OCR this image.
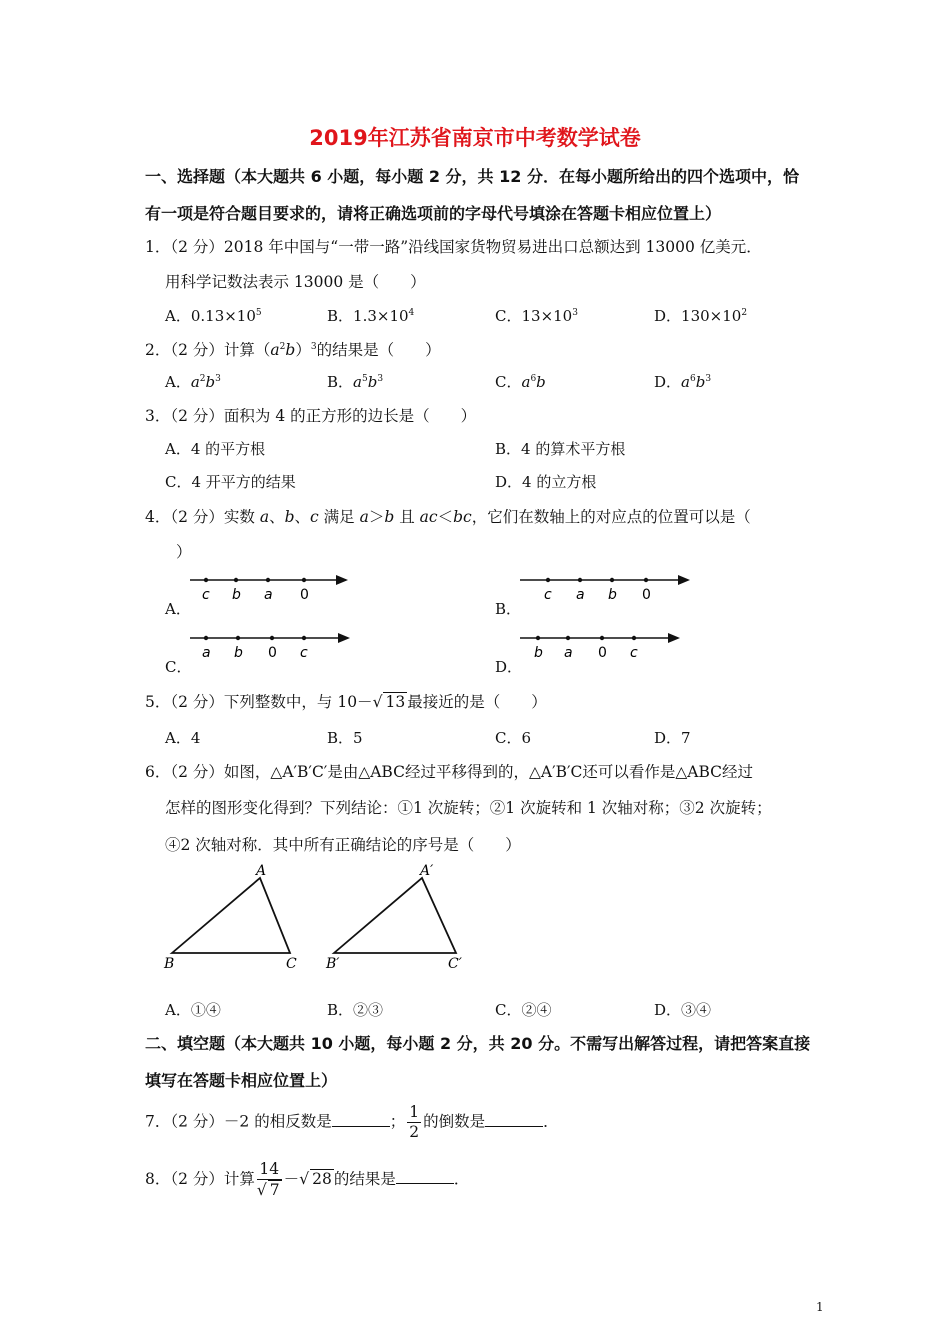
2019年江苏省南京市中考数学试卷
一、选择题（本大题共 6 小题，每小题 2 分，共 12 分．在每小题所给出的四个选项中，恰
有一项是符合题目要求的，请将正确选项前的字母代号填涂在答题卡相应位置上）
1．（2 分）2018 年中国与“一带一路”沿线国家货物贸易进出口总额达到 13000 亿美元．
用科学记数法表示 13000 是（　　）
A．$0.13\times 10^5$	B．$1.3\times 10^4$	C．$13\times 10^3$	D．$130\times 10^2$
2．（2 分）计算$(a^2b)^3$的结果是（　　）
A．$a^2b^3$	B．$a^5b^3$	C．$a^6b$	D．$a^6b^3$
3．（2 分）面积为 4 的正方形的边长是（　　）
A．4 的平方根	B．4 的算术平方根
C．4 开平方的结果	D．4 的立方根
4．（2 分）实数 a、b、c 满足 a＞b 且 ac＜bc，它们在数轴上的对应点的位置可以是（
）
A．
c b a 0
B．
c a b 0
C．
a b 0 c
D．
b a 0 c
5．（2 分）下列整数中，与 10－√ 13 最接近的是（　　）
A．4	B．5	C．6	D．7
6．（2 分）如图，△A′B′C′是由△ABC经过平移得到的，△A′B′C还可以看作是△ABC经过
怎样的图形变化得到？下列结论：①1 次旋转；②1 次旋转和 1 次轴对称；③2 次旋转；
④2 次轴对称．其中所有正确结论的序号是（　　）
A
B	C
A′
B′	C′
A．①④	B．②③	C．②④	D．③④
二、填空题（本大题共 10 小题，每小题 2 分，共 20 分。不需写出解答过程，请把答案直接
填写在答题卡相应位置上）
7．（2 分）－2 的相反数是	； $\frac{1}{2}$ 的倒数是	．
8．（2 分）计算 $\frac{14}{√ 7}$ －√ 28 的结果是	．
1
